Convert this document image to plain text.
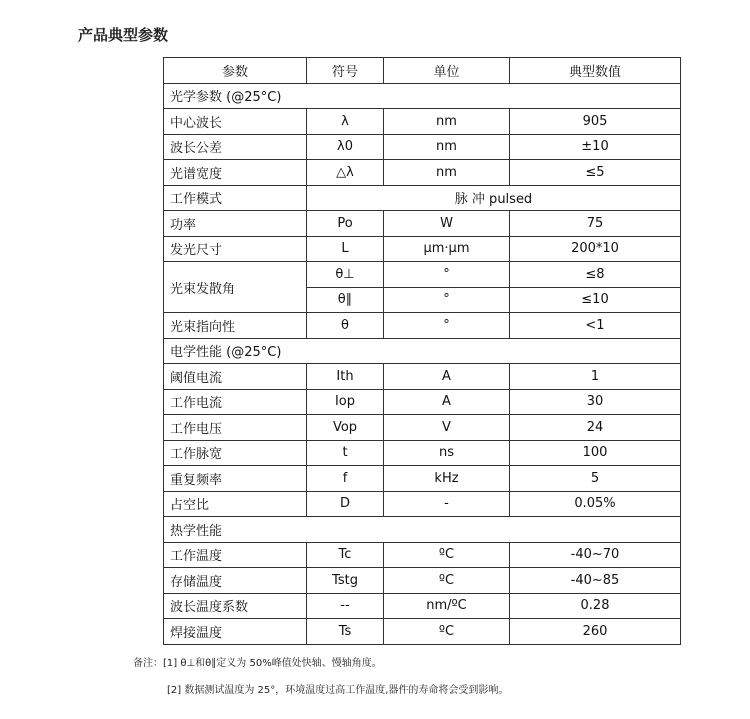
产品典型参数
参数	符号	单位	典型数值
光学参数 (@25°C)			
中心波长	λ	nm	905
波长公差	λ0	nm	±10
光谱宽度	△λ	nm	≤5
工作模式	脉 冲 pulsed		
功率	Po	W	75
发光尺寸	L	μm·μm	200*10
光束发散角	θ⊥	°	≤8
	θ∥	°	≤10
光束指向性	θ	°	<1
电学性能 (@25°C)			
阈值电流	Ith	A	1
工作电流	Iop	A	30
工作电压	Vop	V	24
工作脉宽	t	ns	100
重复频率	f	kHz	5
占空比	D	-	0.05%
热学性能			
工作温度	Tc	ºC	-40~70
存储温度	Tstg	ºC	-40~85
波长温度系数	--	nm/ºC	0.28
焊接温度	Ts	ºC	260
备注：[1] θ⊥和θ∥定义为 50%峰值处快轴、慢轴角度。
[2] 数据测试温度为 25°，环境温度过高工作温度,器件的寿命将会受到影响。
